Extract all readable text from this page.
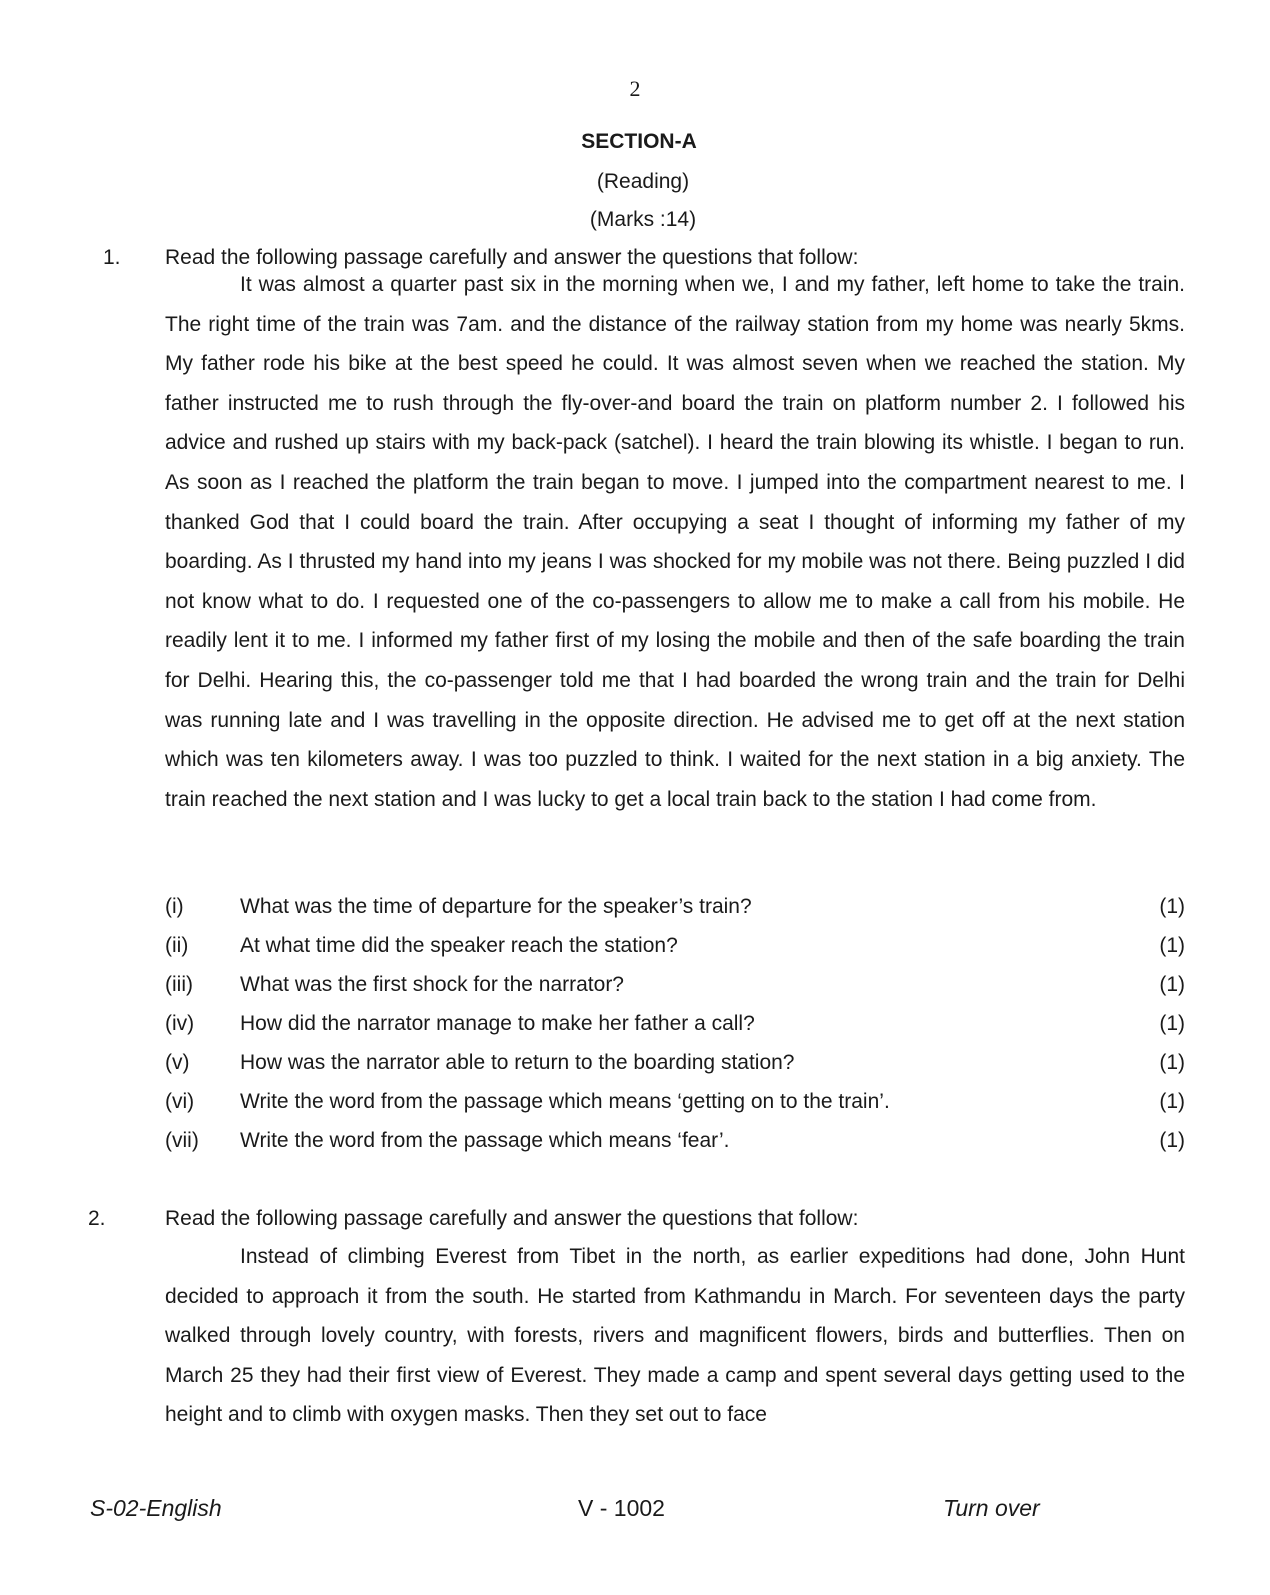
2
SECTION-A
(Reading)
(Marks :14)
1. Read the following passage carefully and answer the questions that follow:

It was almost a quarter past six in the morning when we, I and my father, left home to take the train. The right time of the train was 7am. and the distance of the railway station from my home was nearly 5kms. My father rode his bike at the best speed he could. It was almost seven when we reached the station. My father instructed me to rush through the fly-over-and board the train on platform number 2. I followed his advice and rushed up stairs with my back-pack (satchel). I heard the train blowing its whistle. I began to run. As soon as I reached the platform the train began to move. I jumped into the compartment nearest to me. I thanked God that I could board the train. After occupying a seat I thought of informing my father of my boarding. As I thrusted my hand into my jeans I was shocked for my mobile was not there. Being puzzled I did not know what to do. I requested one of the co-passengers to allow me to make a call from his mobile. He readily lent it to me. I informed my father first of my losing the mobile and then of the safe boarding the train for Delhi. Hearing this, the co-passenger told me that I had boarded the wrong train and the train for Delhi was running late and I was travelling in the opposite direction. He advised me to get off at the next station which was ten kilometers away. I was too puzzled to think. I waited for the next station in a big anxiety. The train reached the next station and I was lucky to get a local train back to the station I had come from.

(i)	What was the time of departure for the speaker’s train?	(1)
(ii) At what time did the speaker reach the station?	(1)
(iii) What was the first shock for the narrator?	(1)
(iv) How did the narrator manage to make her father a call?	(1)
(v) How was the narrator able to return to the boarding station?	(1)
(vi) Write the word from the passage which means ‘getting on to the train’.	(1)
(vii) Write the word from the passage which means ‘fear’.	(1)
2.	Read the following passage carefully and answer the questions that follow:

Instead of climbing Everest from Tibet in the north, as earlier expeditions had done, John Hunt decided to approach it from the south. He started from Kathmandu in March. For seventeen days the party walked through lovely country, with forests, rivers and magnificent flowers, birds and butterflies. Then on March 25 they had their first view of Everest. They made a camp and spent several days getting used to the height and to climb with oxygen masks. Then they set out to face

S-02-English	V - 1002	Turn over
